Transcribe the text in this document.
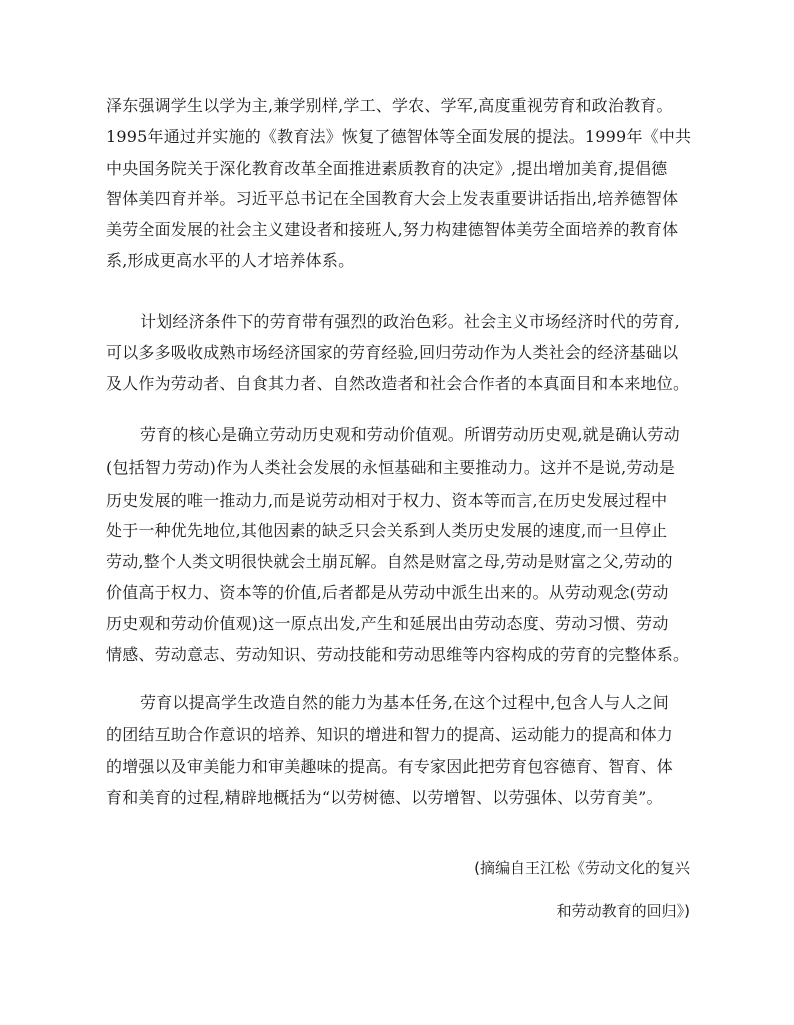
泽东强调学生以学为主,兼学别样,学工、学农、学军,高度重视劳育和政治教育。
1995年通过并实施的《教育法》恢复了德智体等全面发展的提法。1999年《中共
中央国务院关于深化教育改革全面推进素质教育的决定》,提出增加美育,提倡德
智体美四育并举。习近平总书记在全国教育大会上发表重要讲话指出,培养德智体
美劳全面发展的社会主义建设者和接班人,努力构建德智体美劳全面培养的教育体
系,形成更高水平的人才培养体系。
计划经济条件下的劳育带有强烈的政治色彩。社会主义市场经济时代的劳育,
可以多多吸收成熟市场经济国家的劳育经验,回归劳动作为人类社会的经济基础以
及人作为劳动者、自食其力者、自然改造者和社会合作者的本真面目和本来地位。
劳育的核心是确立劳动历史观和劳动价值观。所谓劳动历史观,就是确认劳动
(包括智力劳动)作为人类社会发展的永恒基础和主要推动力。这并不是说,劳动是
历史发展的唯一推动力,而是说劳动相对于权力、资本等而言,在历史发展过程中
处于一种优先地位,其他因素的缺乏只会关系到人类历史发展的速度,而一旦停止
劳动,整个人类文明很快就会土崩瓦解。自然是财富之母,劳动是财富之父,劳动的
价值高于权力、资本等的价值,后者都是从劳动中派生出来的。从劳动观念(劳动
历史观和劳动价值观)这一原点出发,产生和延展出由劳动态度、劳动习惯、劳动
情感、劳动意志、劳动知识、劳动技能和劳动思维等内容构成的劳育的完整体系。
劳育以提高学生改造自然的能力为基本任务,在这个过程中,包含人与人之间
的团结互助合作意识的培养、知识的增进和智力的提高、运动能力的提高和体力
的增强以及审美能力和审美趣味的提高。有专家因此把劳育包容德育、智育、体
育和美育的过程,精辟地概括为“以劳树德、以劳增智、以劳强体、以劳育美”。
(摘编自王江松《劳动文化的复兴
和劳动教育的回归》)
